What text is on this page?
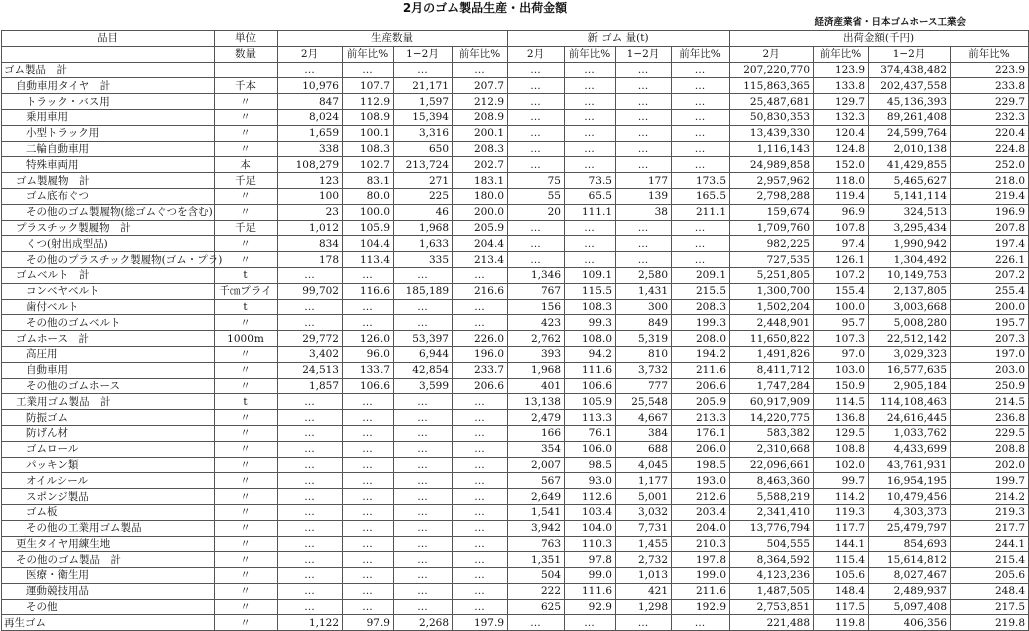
2月のゴム製品生産・出荷金額
経済産業省・日本ゴムホース工業会
品目	単位	生産数量				新 ゴム 量(t)				出荷金額(千円)			
	数量	2月	前年比%	1−2月	前年比%	2月	前年比%	1−2月	前年比%	2月	前年比%	1−2月	前年比%
ゴム製品　計		…	…	…	…	…	…	…	…	207,220,770	123.9	374,438,482	223.9
自動車用タイヤ　計	千本	10,976	107.7	21,171	207.7	…	…	…	…	115,863,365	133.8	202,437,558	233.8
トラック・バス用	〃	847	112.9	1,597	212.9	…	…	…	…	25,487,681	129.7	45,136,393	229.7
乗用車用	〃	8,024	108.9	15,394	208.9	…	…	…	…	50,830,353	132.3	89,261,408	232.3
小型トラック用	〃	1,659	100.1	3,316	200.1	…	…	…	…	13,439,330	120.4	24,599,764	220.4
二輪自動車用	〃	338	108.3	650	208.3	…	…	…	…	1,116,143	124.8	2,010,138	224.8
特殊車両用	本	108,279	102.7	213,724	202.7	…	…	…	…	24,989,858	152.0	41,429,855	252.0
ゴム製履物　計	千足	123	83.1	271	183.1	75	73.5	177	173.5	2,957,962	118.0	5,465,627	218.0
ゴム底布ぐつ	〃	100	80.0	225	180.0	55	65.5	139	165.5	2,798,288	119.4	5,141,114	219.4
その他のゴム製履物(総ゴムぐつを含む)	〃	23	100.0	46	200.0	20	111.1	38	211.1	159,674	96.9	324,513	196.9
プラスチック製履物　計	千足	1,012	105.9	1,968	205.9	…	…	…	…	1,709,760	107.8	3,295,434	207.8
くつ(射出成型品)	〃	834	104.4	1,633	204.4	…	…	…	…	982,225	97.4	1,990,942	197.4
その他のプラスチック製履物(ゴム・プラ)	〃	178	113.4	335	213.4	…	…	…	…	727,535	126.1	1,304,492	226.1
ゴムベルト　計	t	…	…	…	…	1,346	109.1	2,580	209.1	5,251,805	107.2	10,149,753	207.2
コンベヤベルト	千㎝プライ	99,702	116.6	185,189	216.6	767	115.5	1,431	215.5	1,300,700	155.4	2,137,805	255.4
歯付ベルト	t	…	…	…	…	156	108.3	300	208.3	1,502,204	100.0	3,003,668	200.0
その他のゴムベルト	〃	…	…	…	…	423	99.3	849	199.3	2,448,901	95.7	5,008,280	195.7
ゴムホース　計	1000m	29,772	126.0	53,397	226.0	2,762	108.0	5,319	208.0	11,650,822	107.3	22,512,142	207.3
高圧用	〃	3,402	96.0	6,944	196.0	393	94.2	810	194.2	1,491,826	97.0	3,029,323	197.0
自動車用	〃	24,513	133.7	42,854	233.7	1,968	111.6	3,732	211.6	8,411,712	103.0	16,577,635	203.0
その他のゴムホース	〃	1,857	106.6	3,599	206.6	401	106.6	777	206.6	1,747,284	150.9	2,905,184	250.9
工業用ゴム製品　計	t	…	…	…	…	13,138	105.9	25,548	205.9	60,917,909	114.5	114,108,463	214.5
防振ゴム	〃	…	…	…	…	2,479	113.3	4,667	213.3	14,220,775	136.8	24,616,445	236.8
防げん材	〃	…	…	…	…	166	76.1	384	176.1	583,382	129.5	1,033,762	229.5
ゴムロール	〃	…	…	…	…	354	106.0	688	206.0	2,310,668	108.8	4,433,699	208.8
パッキン類	〃	…	…	…	…	2,007	98.5	4,045	198.5	22,096,661	102.0	43,761,931	202.0
オイルシール	〃	…	…	…	…	567	93.0	1,177	193.0	8,463,360	99.7	16,954,195	199.7
スポンジ製品	〃	…	…	…	…	2,649	112.6	5,001	212.6	5,588,219	114.2	10,479,456	214.2
ゴム板	〃	…	…	…	…	1,541	103.4	3,032	203.4	2,341,410	119.3	4,303,373	219.3
その他の工業用ゴム製品	〃	…	…	…	…	3,942	104.0	7,731	204.0	13,776,794	117.7	25,479,797	217.7
更生タイヤ用練生地	〃	…	…	…	…	763	110.3	1,455	210.3	504,555	144.1	854,693	244.1
その他のゴム製品　計	〃	…	…	…	…	1,351	97.8	2,732	197.8	8,364,592	115.4	15,614,812	215.4
医療・衛生用	〃	…	…	…	…	504	99.0	1,013	199.0	4,123,236	105.6	8,027,467	205.6
運動競技用品	〃	…	…	…	…	222	111.6	421	211.6	1,487,505	148.4	2,489,937	248.4
その他	〃	…	…	…	…	625	92.9	1,298	192.9	2,753,851	117.5	5,097,408	217.5
再生ゴム	〃	1,122	97.9	2,268	197.9	…	…	…	…	221,488	119.8	406,356	219.8
